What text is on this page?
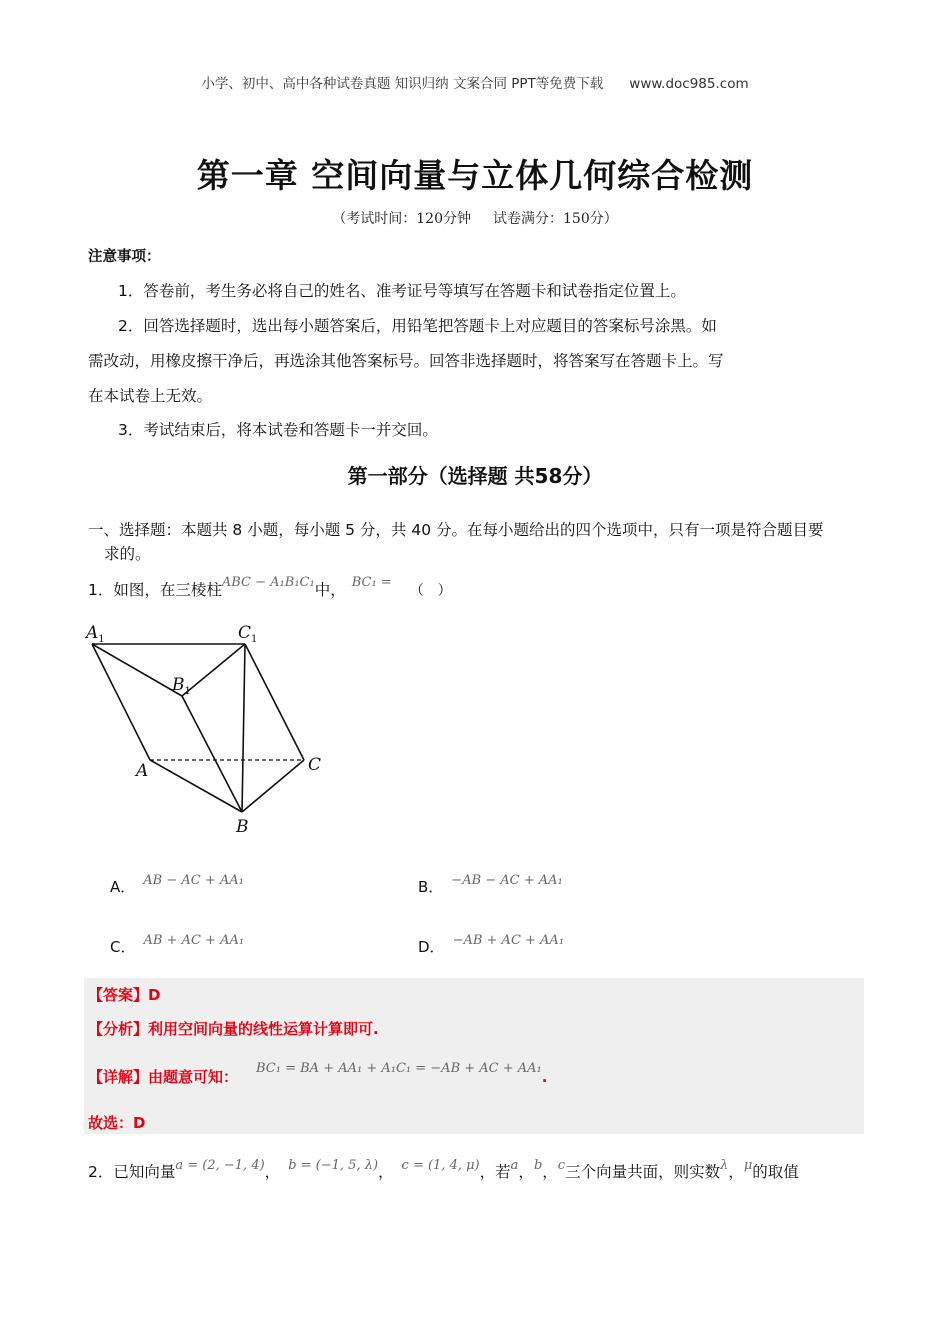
小学、初中、高中各种试卷真题 知识归纳 文案合同 PPT等免费下载 www.doc985.com
第一章 空间向量与立体几何综合检测
（考试时间：120分钟 试卷满分：150分）
注意事项：
1．答卷前，考生务必将自己的姓名、准考证号等填写在答题卡和试卷指定位置上。
2．回答选择题时，选出每小题答案后，用铅笔把答题卡上对应题目的答案标号涂黑。如
需改动，用橡皮擦干净后，再选涂其他答案标号。回答非选择题时，将答案写在答题卡上。写
在本试卷上无效。
3．考试结束后，将本试卷和答题卡一并交回。
第一部分（选择题 共58分）
一、选择题：本题共 8 小题，每小题 5 分，共 40 分。在每小题给出的四个选项中，只有一项是符合题目要
求的。
1．如图，在三棱柱$^{ABC - A_1B_1C_1}$中， $^{BC_1 =}$（　）
$A_1$	$C_1$
$B_1$
A	C
B
A． AB − AC + AA₁	B． −AB − AC + AA₁
C． AB + AC + AA₁	D． −AB + AC + AA₁
【答案】D
【分析】利用空间向量的线性运算计算即可.
【详解】由题意可知： BC₁ = BA + AA₁ + A₁C₁ = −AB + AC + AA₁.
故选：D
2．已知向量$^{a = (2, -1, 4)}$， $^{b = (-1, 5, \lambda)}$， $^{c = (1, 4, \mu)}$，若$^a$，$^b$，$^c$三个向量共面，则实数$^\lambda$，$^\mu$的取值
